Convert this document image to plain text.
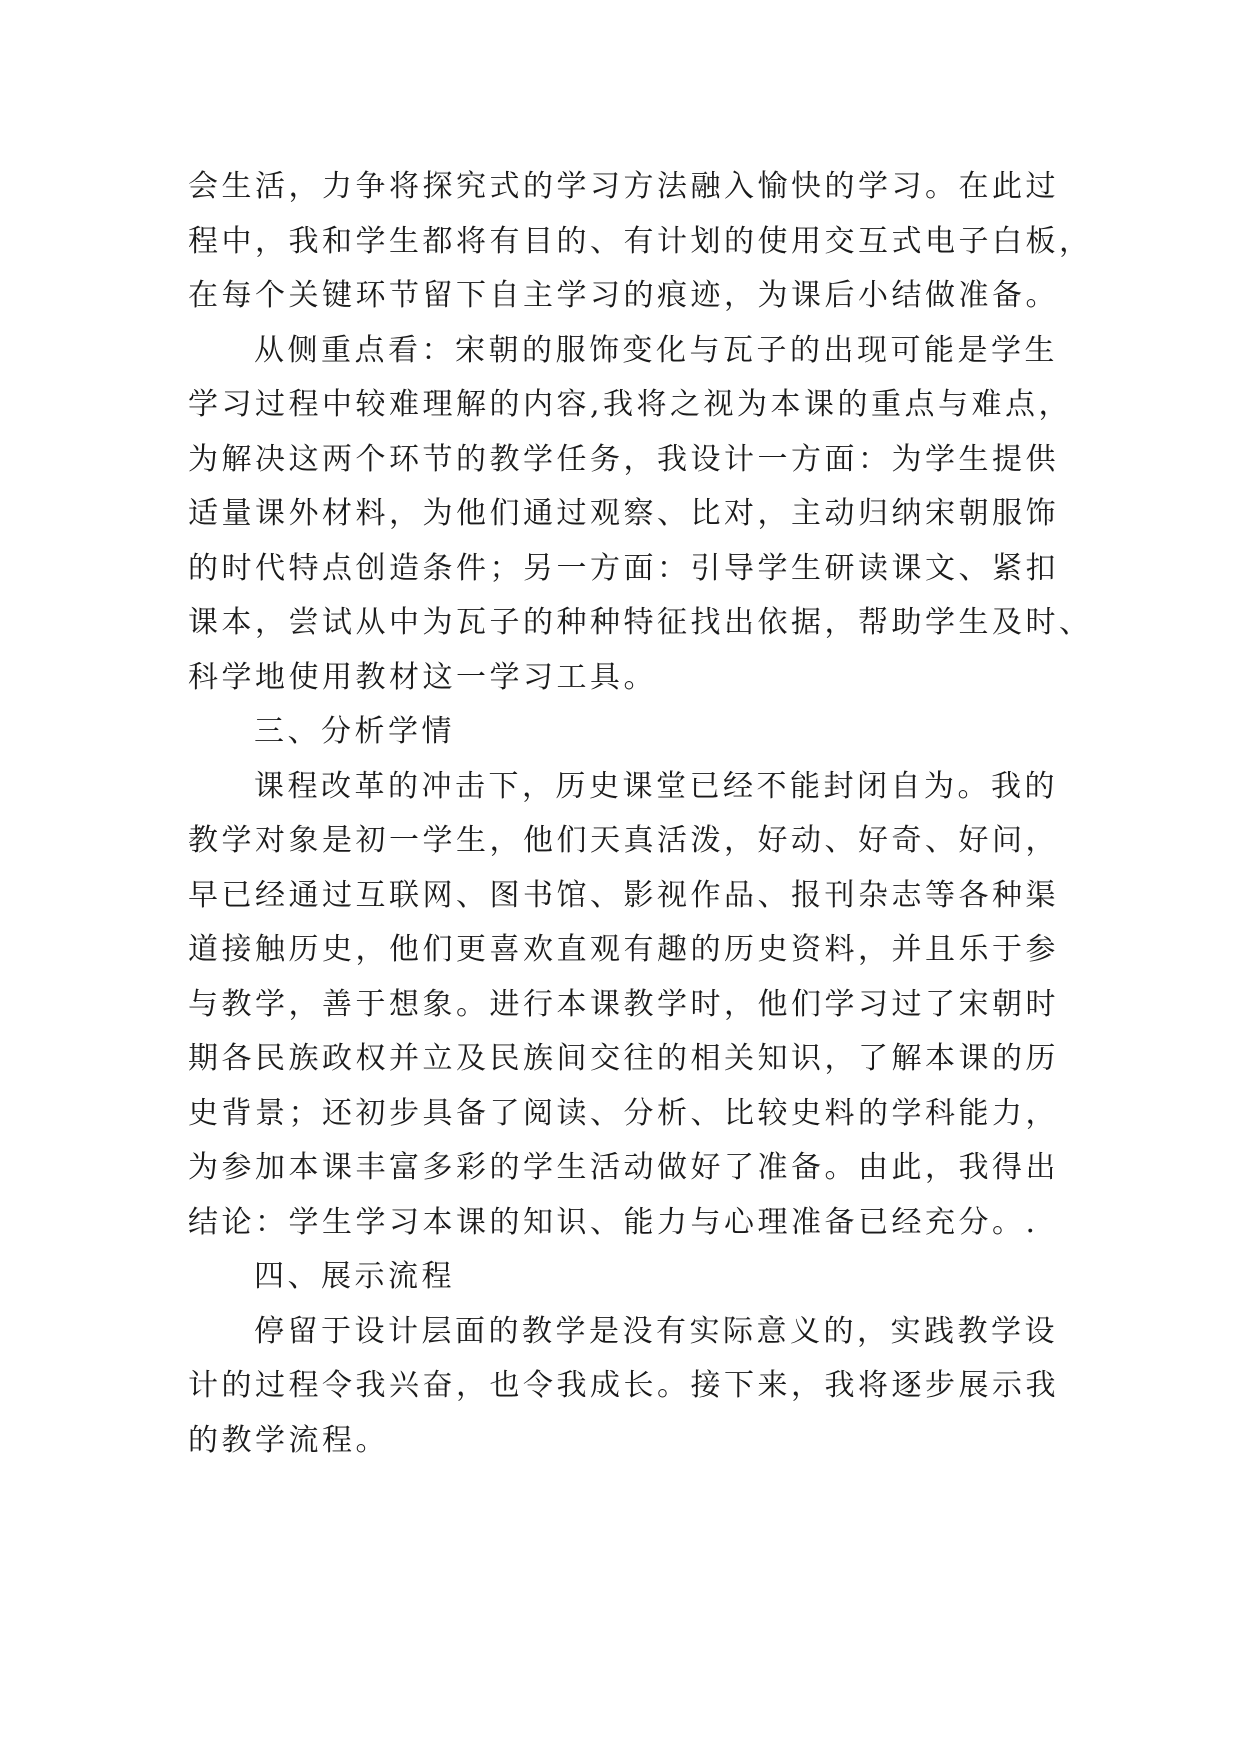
会生活，力争将探究式的学习方法融入愉快的学习。在此过
程中，我和学生都将有目的、有计划的使用交互式电子白板，
在每个关键环节留下自主学习的痕迹，为课后小结做准备。
从侧重点看：宋朝的服饰变化与瓦子的出现可能是学生
学习过程中较难理解的内容,我将之视为本课的重点与难点，
为解决这两个环节的教学任务，我设计一方面：为学生提供
适量课外材料，为他们通过观察、比对，主动归纳宋朝服饰
的时代特点创造条件；另一方面：引导学生研读课文、紧扣
课本，尝试从中为瓦子的种种特征找出依据，帮助学生及时、
科学地使用教材这一学习工具。
三、分析学情
课程改革的冲击下，历史课堂已经不能封闭自为。我的
教学对象是初一学生，他们天真活泼，好动、好奇、好问，
早已经通过互联网、图书馆、影视作品、报刊杂志等各种渠
道接触历史，他们更喜欢直观有趣的历史资料，并且乐于参
与教学，善于想象。进行本课教学时，他们学习过了宋朝时
期各民族政权并立及民族间交往的相关知识，了解本课的历
史背景；还初步具备了阅读、分析、比较史料的学科能力，
为参加本课丰富多彩的学生活动做好了准备。由此，我得出
结论：学生学习本课的知识、能力与心理准备已经充分。.
四、展示流程
停留于设计层面的教学是没有实际意义的，实践教学设
计的过程令我兴奋，也令我成长。接下来，我将逐步展示我
的教学流程。
